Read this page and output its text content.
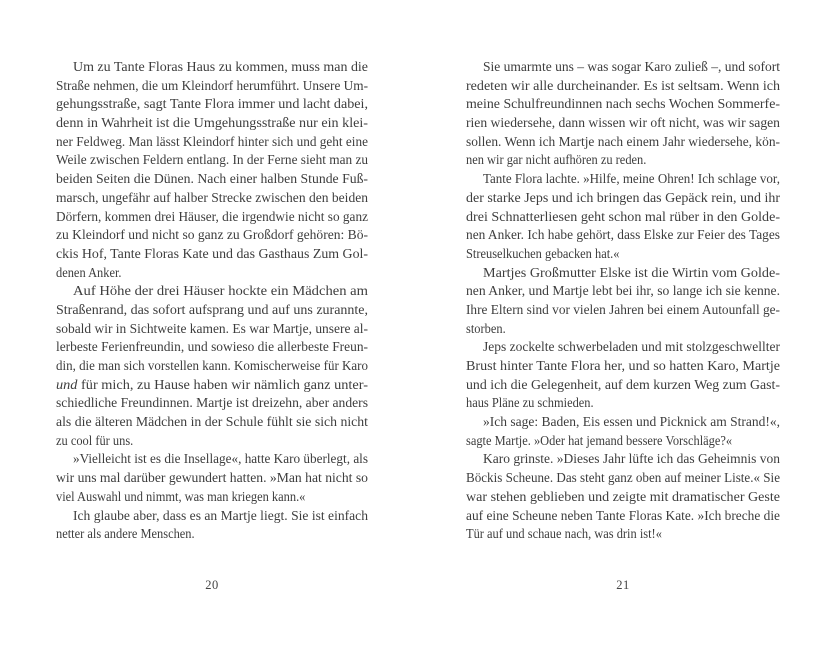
Um zu Tante Floras Haus zu kommen, muss man die
Straße nehmen, die um Kleindorf herumführt. Unsere Um-
gehungsstraße, sagt Tante Flora immer und lacht dabei,
denn in Wahrheit ist die Umgehungsstraße nur ein klei-
ner Feldweg. Man lässt Kleindorf hinter sich und geht eine
Weile zwischen Feldern entlang. In der Ferne sieht man zu
beiden Seiten die Dünen. Nach einer halben Stunde Fuß-
marsch, ungefähr auf halber Strecke zwischen den beiden
Dörfern, kommen drei Häuser, die irgendwie nicht so ganz
zu Kleindorf und nicht so ganz zu Großdorf gehören: Bö-
ckis Hof, Tante Floras Kate und das Gasthaus Zum Gol-
denen Anker.
Auf Höhe der drei Häuser hockte ein Mädchen am
Straßenrand, das sofort aufsprang und auf uns zurannte,
sobald wir in Sichtweite kamen. Es war Martje, unsere al-
lerbeste Ferienfreundin, und sowieso die allerbeste Freun-
din, die man sich vorstellen kann. Komischerweise für Karo
und für mich, zu Hause haben wir nämlich ganz unter-
schiedliche Freundinnen. Martje ist dreizehn, aber anders
als die älteren Mädchen in der Schule fühlt sie sich nicht
zu cool für uns.
»Vielleicht ist es die Insellage«, hatte Karo überlegt, als
wir uns mal darüber gewundert hatten. »Man hat nicht so
viel Auswahl und nimmt, was man kriegen kann.«
Ich glaube aber, dass es an Martje liegt. Sie ist einfach
netter als andere Menschen.
20
Sie umarmte uns – was sogar Karo zuließ –, und sofort
redeten wir alle durcheinander. Es ist seltsam. Wenn ich
meine Schulfreundinnen nach sechs Wochen Sommerfe-
rien wiedersehe, dann wissen wir oft nicht, was wir sagen
sollen. Wenn ich Martje nach einem Jahr wiedersehe, kön-
nen wir gar nicht aufhören zu reden.
Tante Flora lachte. »Hilfe, meine Ohren! Ich schlage vor,
der starke Jeps und ich bringen das Gepäck rein, und ihr
drei Schnatterliesen geht schon mal rüber in den Golde-
nen Anker. Ich habe gehört, dass Elske zur Feier des Tages
Streuselkuchen gebacken hat.«
Martjes Großmutter Elske ist die Wirtin vom Golde-
nen Anker, und Martje lebt bei ihr, so lange ich sie kenne.
Ihre Eltern sind vor vielen Jahren bei einem Autounfall ge-
storben.
Jeps zockelte schwerbeladen und mit stolzgeschwellter
Brust hinter Tante Flora her, und so hatten Karo, Martje
und ich die Gelegenheit, auf dem kurzen Weg zum Gast-
haus Pläne zu schmieden.
»Ich sage: Baden, Eis essen und Picknick am Strand!«,
sagte Martje. »Oder hat jemand bessere Vorschläge?«
Karo grinste. »Dieses Jahr lüfte ich das Geheimnis von
Böckis Scheune. Das steht ganz oben auf meiner Liste.« Sie
war stehen geblieben und zeigte mit dramatischer Geste
auf eine Scheune neben Tante Floras Kate. »Ich breche die
Tür auf und schaue nach, was drin ist!«
21
